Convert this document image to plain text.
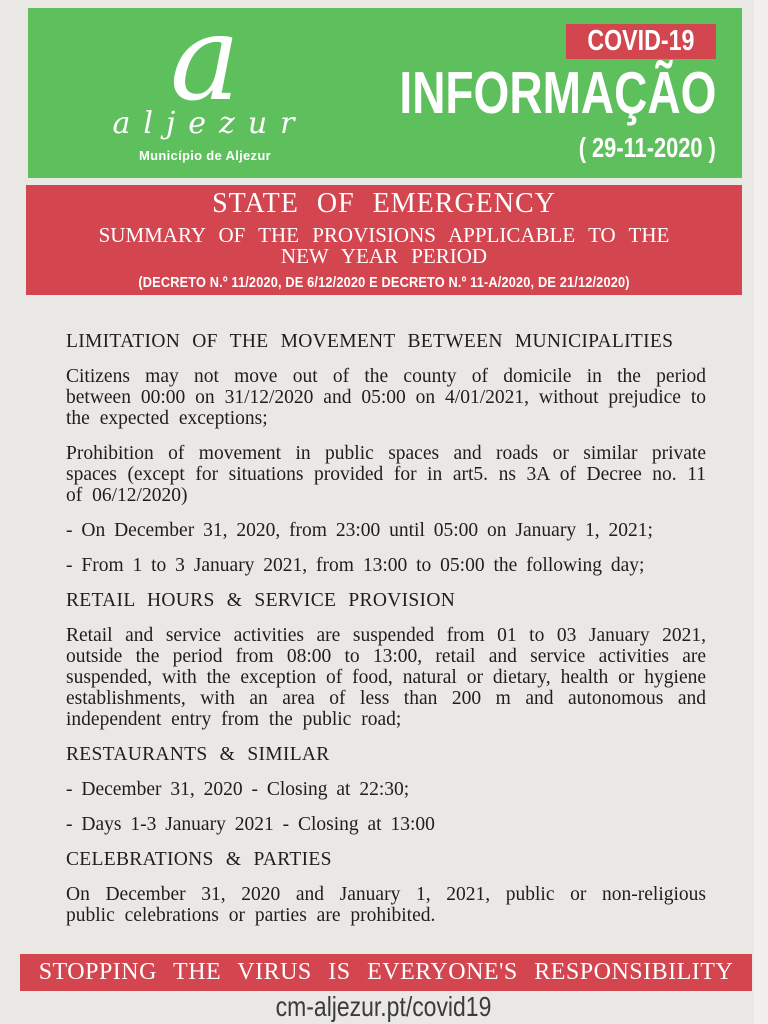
a
aljezur
Município de Aljezur
COVID-19
INFORMAÇÃO
( 29-11-2020 )
STATE OF EMERGENCY
SUMMARY OF THE PROVISIONS APPLICABLE TO THE NEW YEAR PERIOD
(DECRETO N.º 11/2020, DE 6/12/2020 E DECRETO N.º 11-A/2020, DE 21/12/2020)
LIMITATION OF THE MOVEMENT BETWEEN MUNICIPALITIES
Citizens may not move out of the county of domicile in the period between 00:00 on 31/12/2020 and 05:00 on 4/01/2021, without prejudice to the expected exceptions;
Prohibition of movement in public spaces and roads or similar private spaces (except for situations provided for in art5. ns 3A of Decree no. 11 of 06/12/2020)
- On December 31, 2020, from 23:00 until 05:00 on January 1, 2021;
- From 1 to 3 January 2021, from 13:00 to 05:00 the following day;
RETAIL HOURS & SERVICE PROVISION
Retail and service activities are suspended from 01 to 03 January 2021, outside the period from 08:00 to 13:00, retail and service activities are suspended, with the exception of food, natural or dietary, health or hygiene establishments, with an area of less than 200 m and autonomous and independent entry from the public road;
RESTAURANTS & SIMILAR
- December 31, 2020 - Closing at 22:30;
- Days 1-3 January 2021 - Closing at 13:00
CELEBRATIONS & PARTIES
On December 31, 2020 and January 1, 2021, public or non-religious public celebrations or parties are prohibited.
STOPPING THE VIRUS IS EVERYONE'S RESPONSIBILITY
cm-aljezur.pt/covid19
